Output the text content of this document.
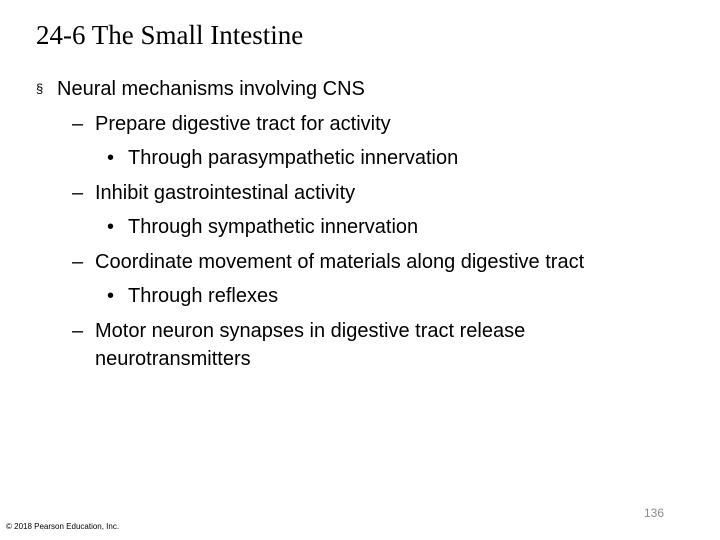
24-6 The Small Intestine
§ Neural mechanisms involving CNS
– Prepare digestive tract for activity
• Through parasympathetic innervation
– Inhibit gastrointestinal activity
• Through sympathetic innervation
– Coordinate movement of materials along digestive tract
• Through reflexes
– Motor neuron synapses in digestive tract release
neurotransmitters
136
© 2018 Pearson Education, Inc.
